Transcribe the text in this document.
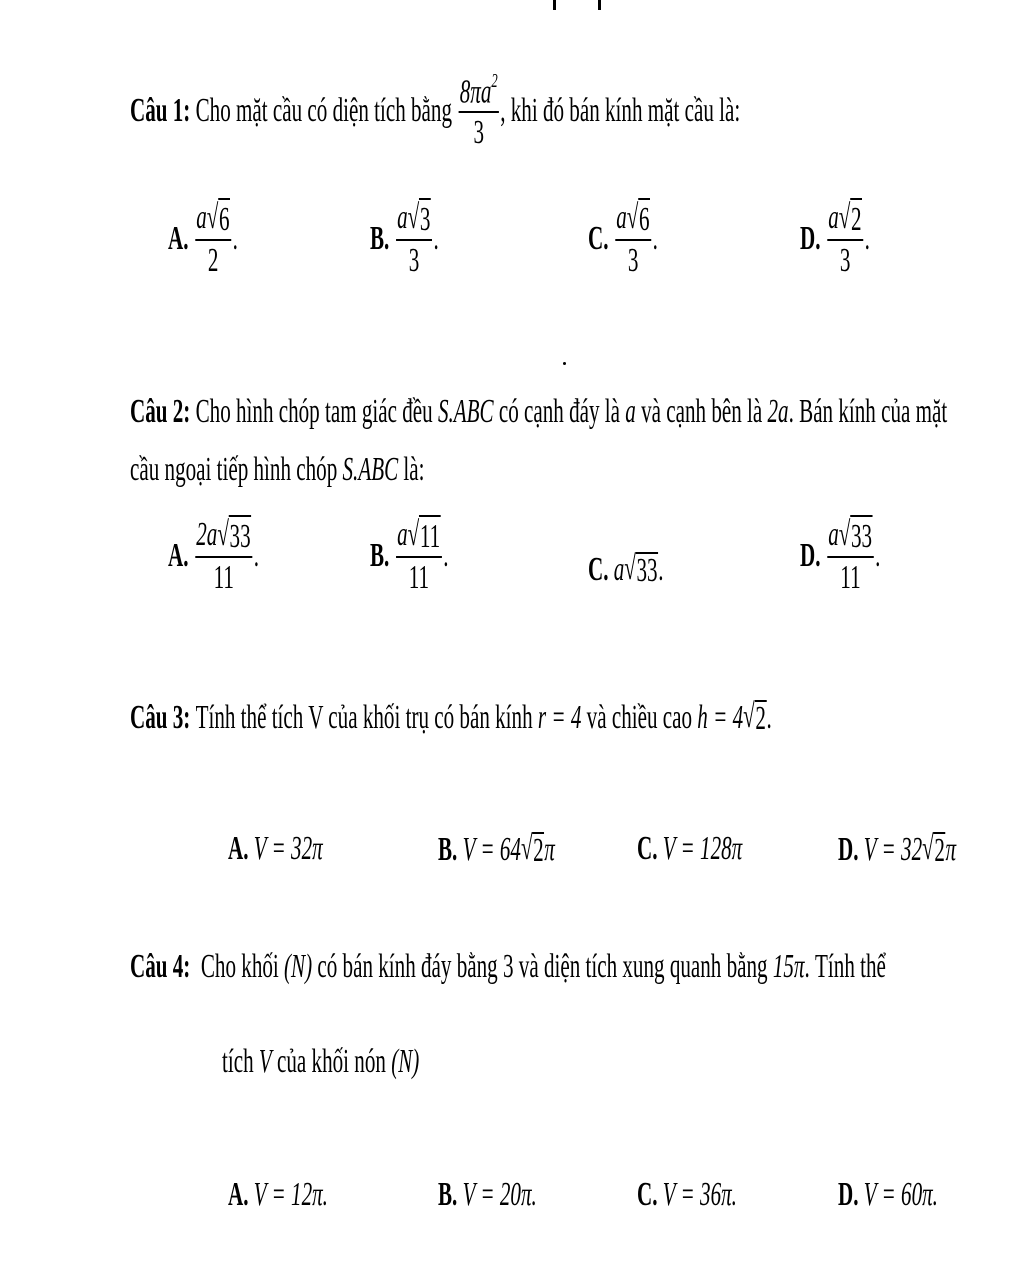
Câu 1:
Cho mặt cầu có diện tích bằng
$\frac{8\pi a^2}{3}$ , khi đó bán kính mặt cầu là:
A.
$\frac{a √ 6}{2}$ .	B.
$\frac{a √ 3}{3}$ .	C.
$\frac{a √ 6}{3}$ .	D.
$\frac{a √ 2}{3}$ .
Câu 2: Cho hình chóp tam giác đều S.ABC có cạnh đáy là a và cạnh bên là 2a. Bán kính của mặt
cầu ngoại tiếp hình chóp S.ABC là:
A.
$\frac{2a √ 33}{11}$ .	B.
$\frac{a √ 11}{11}$ .	C.
a √ 33 .	D.
$\frac{a √ 33}{11}$ .
Câu 3:
Tính thể tích V của khối trụ có bán kính
r = 4
và chiều cao
h = 4 √ 2 .
A.
V = 32π	B.
V = 64 √ 2 π C.
V = 128π	D.
V = 32 √ 2 π
Câu 4: Cho khối (N) có bán kính đáy bằng 3 và diện tích xung quanh bằng 15π. Tính thể
tích V của khối nón (N)
A. V = 12π.	B. V = 20π.	C. V = 36π.	D. V = 60π.
